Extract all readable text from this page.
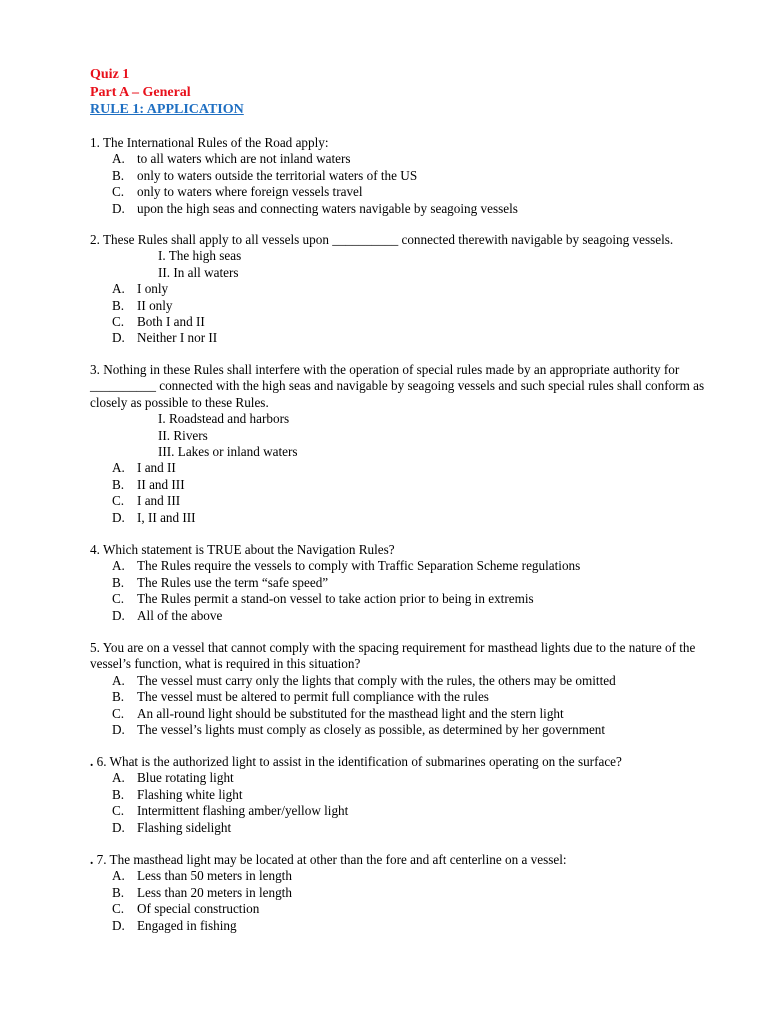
Quiz 1
Part A – General
RULE 1: APPLICATION
1. The International Rules of the Road apply:
A. to all waters which are not inland waters
B. only to waters outside the territorial waters of the US
C. only to waters where foreign vessels travel
D. upon the high seas and connecting waters navigable by seagoing vessels
2. These Rules shall apply to all vessels upon __________ connected therewith navigable by seagoing vessels.
I. The high seas
II. In all waters
A. I only
B. II only
C. Both I and II
D. Neither I nor II
3. Nothing in these Rules shall interfere with the operation of special rules made by an appropriate authority for __________ connected with the high seas and navigable by seagoing vessels and such special rules shall conform as closely as possible to these Rules.
I. Roadstead and harbors
II. Rivers
III. Lakes or inland waters
A. I and II
B. II and III
C. I and III
D. I, II and III
4. Which statement is TRUE about the Navigation Rules?
A. The Rules require the vessels to comply with Traffic Separation Scheme regulations
B. The Rules use the term “safe speed”
C. The Rules permit a stand-on vessel to take action prior to being in extremis
D. All of the above
5. You are on a vessel that cannot comply with the spacing requirement for masthead lights due to the nature of the vessel’s function, what is required in this situation?
A. The vessel must carry only the lights that comply with the rules, the others may be omitted
B. The vessel must be altered to permit full compliance with the rules
C. An all-round light should be substituted for the masthead light and the stern light
D. The vessel’s lights must comply as closely as possible, as determined by her government
. 6. What is the authorized light to assist in the identification of submarines operating on the surface?
A. Blue rotating light
B. Flashing white light
C. Intermittent flashing amber/yellow light
D. Flashing sidelight
. 7. The masthead light may be located at other than the fore and aft centerline on a vessel:
A. Less than 50 meters in length
B. Less than 20 meters in length
C. Of special construction
D. Engaged in fishing
